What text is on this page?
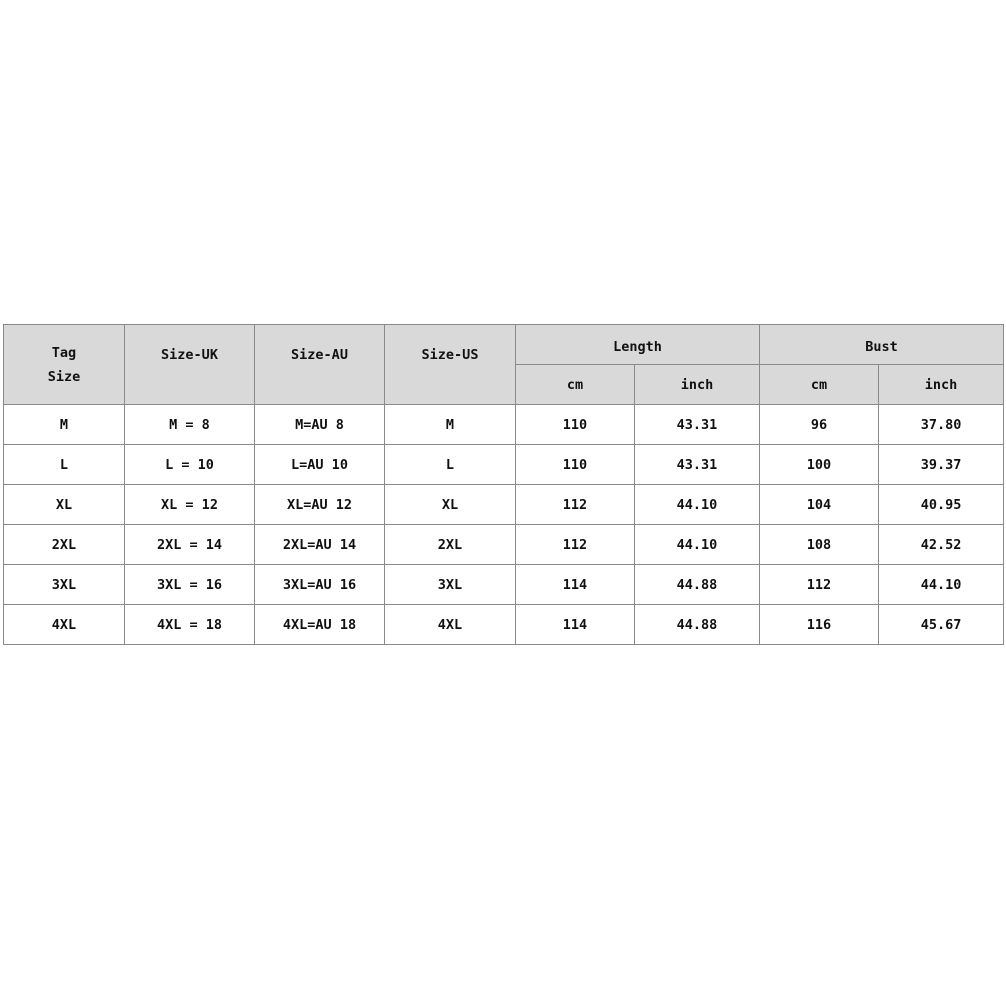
Tag
Size	Size-UK	Size-AU	Size-US	Length		Bust	
				cm	inch	cm	inch
M	M = 8	M=AU 8	M	110	43.31	96	37.80
L	L = 10	L=AU 10	L	110	43.31	100	39.37
XL	XL = 12	XL=AU 12	XL	112	44.10	104	40.95
2XL	2XL = 14	2XL=AU 14	2XL	112	44.10	108	42.52
3XL	3XL = 16	3XL=AU 16	3XL	114	44.88	112	44.10
4XL	4XL = 18	4XL=AU 18	4XL	114	44.88	116	45.67
